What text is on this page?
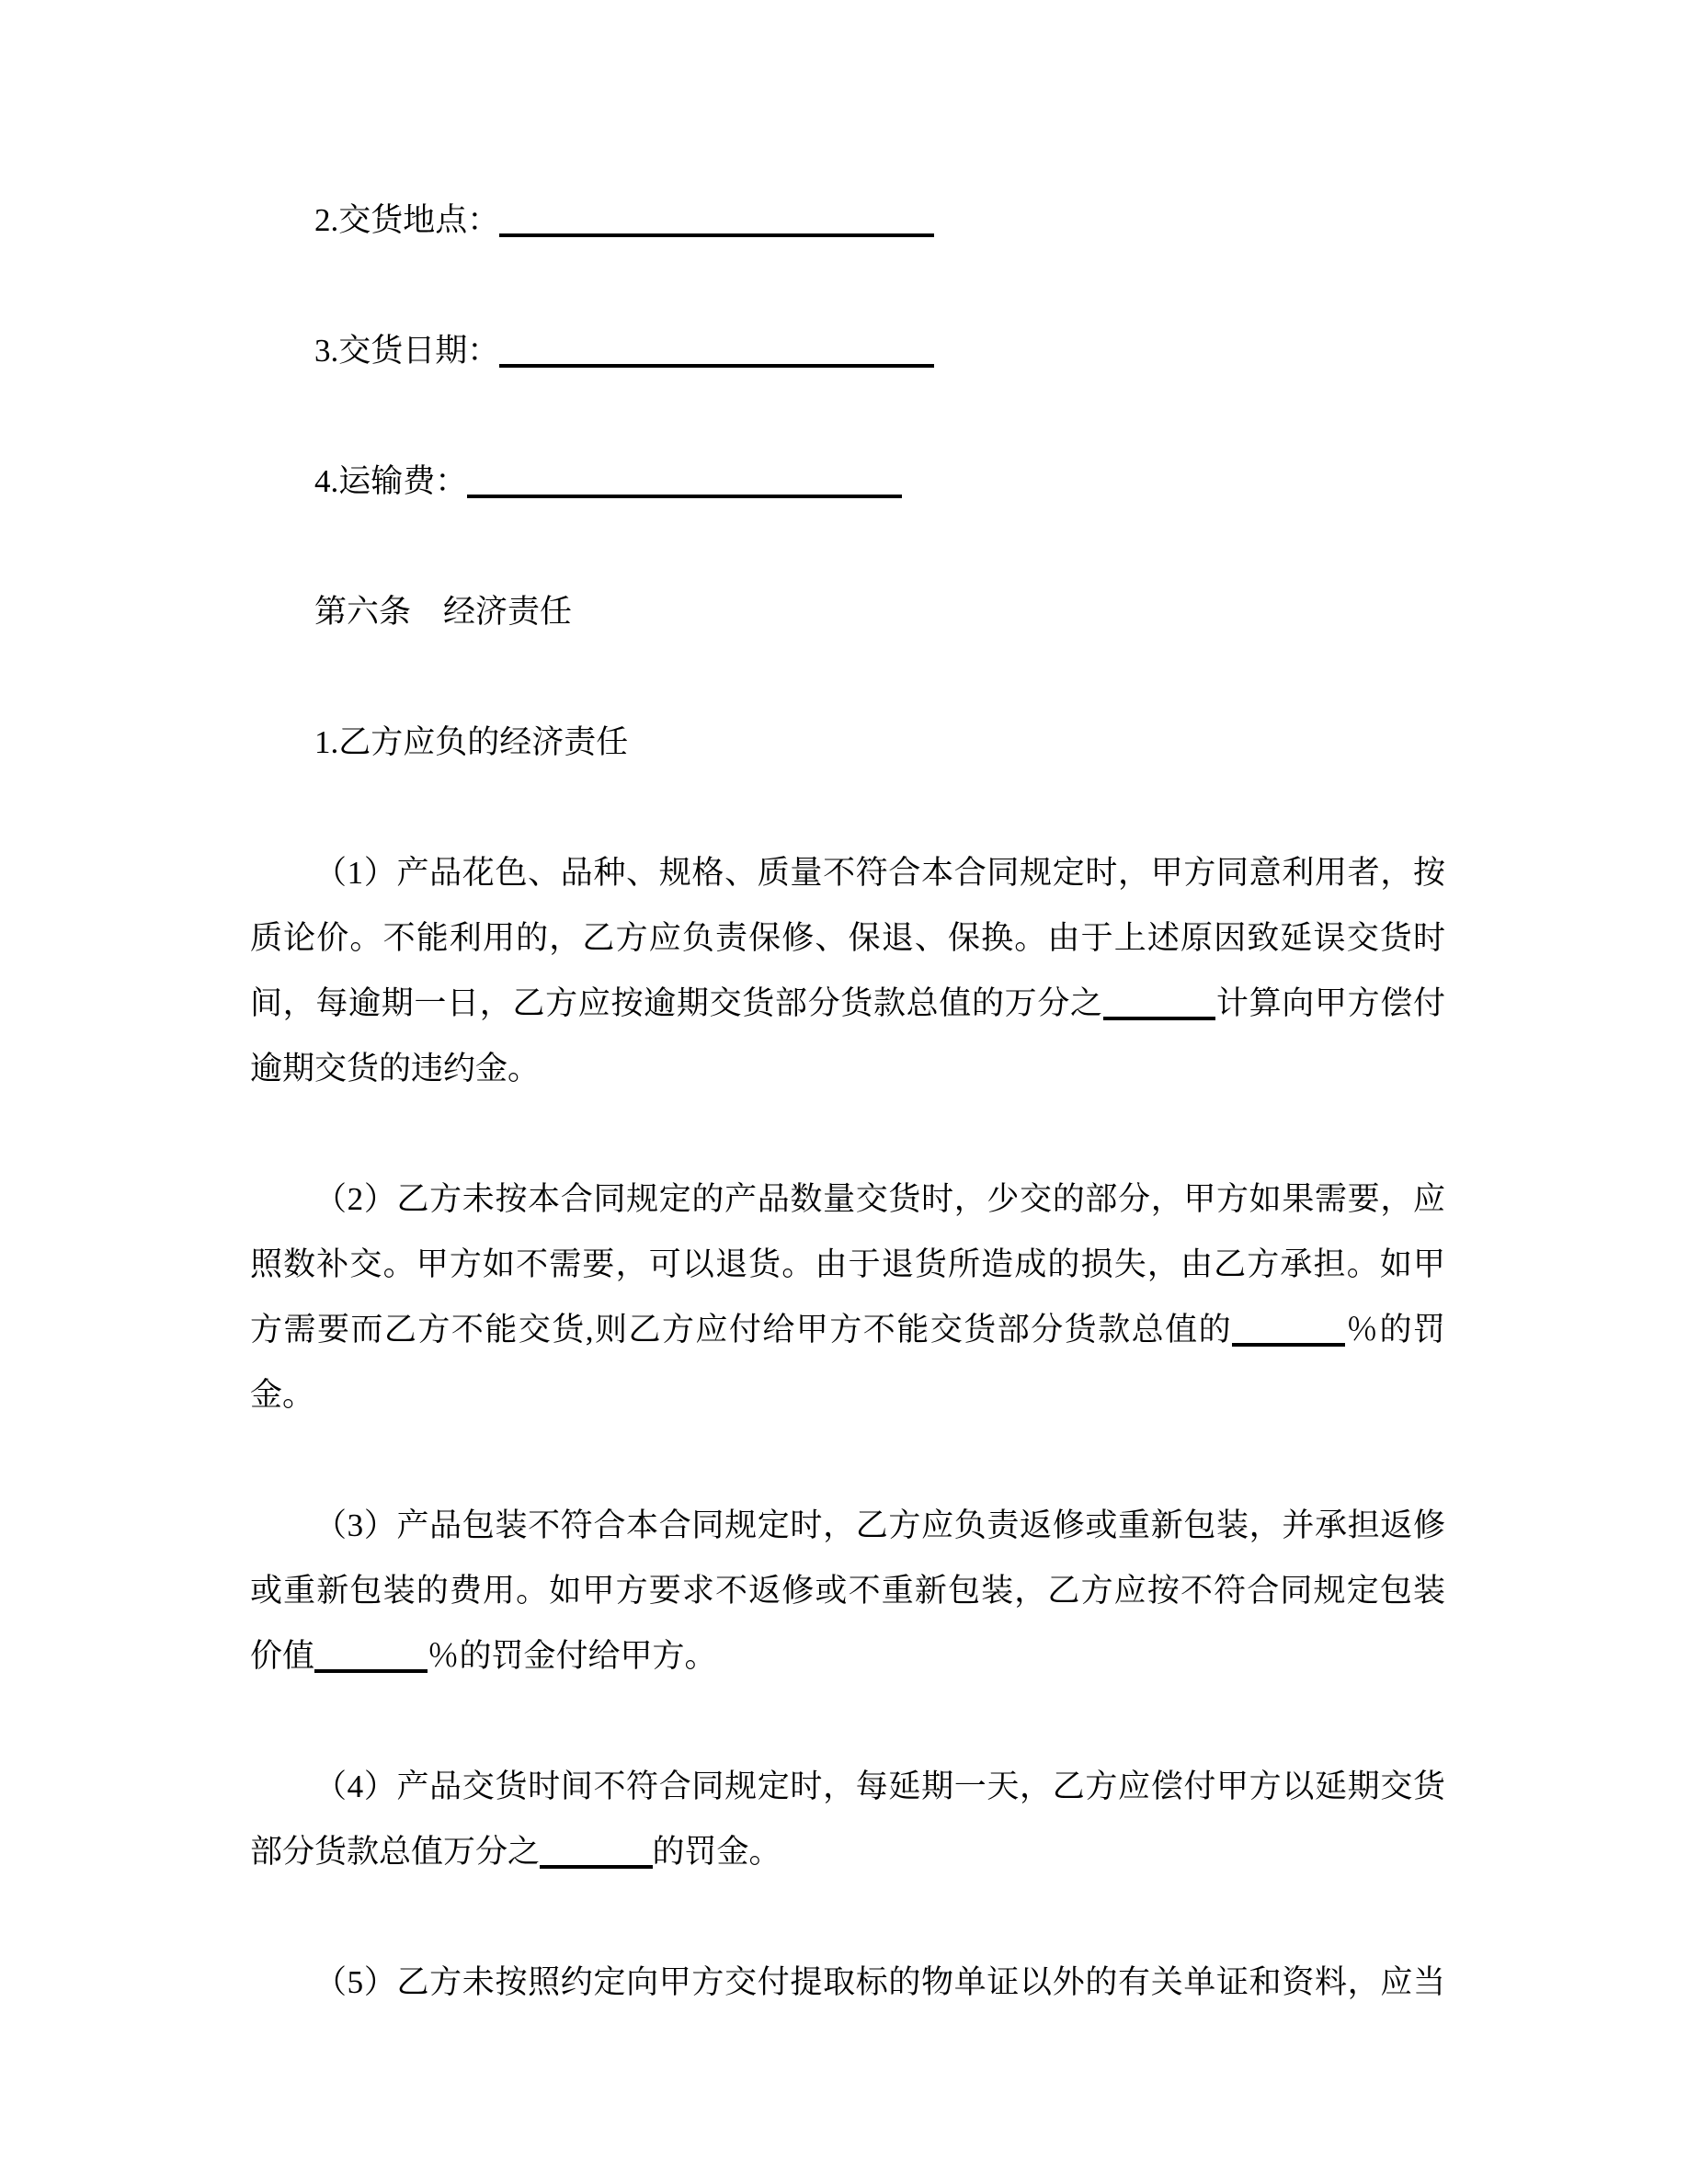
2.交货地点：
3.交货日期：
4.运输费：
第六条　经济责任
1.乙方应负的经济责任
（1）产品花色、品种、规格、质量不符合本合同规定时，甲方同意利用者，按
质论价。不能利用的，乙方应负责保修、保退、保换。由于上述原因致延误交货时
间，每逾期一日，乙方应按逾期交货部分货款总值的万分之	计算向甲方偿付
逾期交货的违约金。
（2）乙方未按本合同规定的产品数量交货时，少交的部分，甲方如果需要，应
照数补交。甲方如不需要，可以退货。由于退货所造成的损失，由乙方承担。如甲
方需要而乙方不能交货,则乙方应付给甲方不能交货部分货款总值的	％的罚
金。
（3）产品包装不符合本合同规定时，乙方应负责返修或重新包装，并承担返修
或重新包装的费用。如甲方要求不返修或不重新包装，乙方应按不符合同规定包装
价值	％的罚金付给甲方。
（4）产品交货时间不符合同规定时，每延期一天，乙方应偿付甲方以延期交货
部分货款总值万分之	的罚金。
（5）乙方未按照约定向甲方交付提取标的物单证以外的有关单证和资料，应当
